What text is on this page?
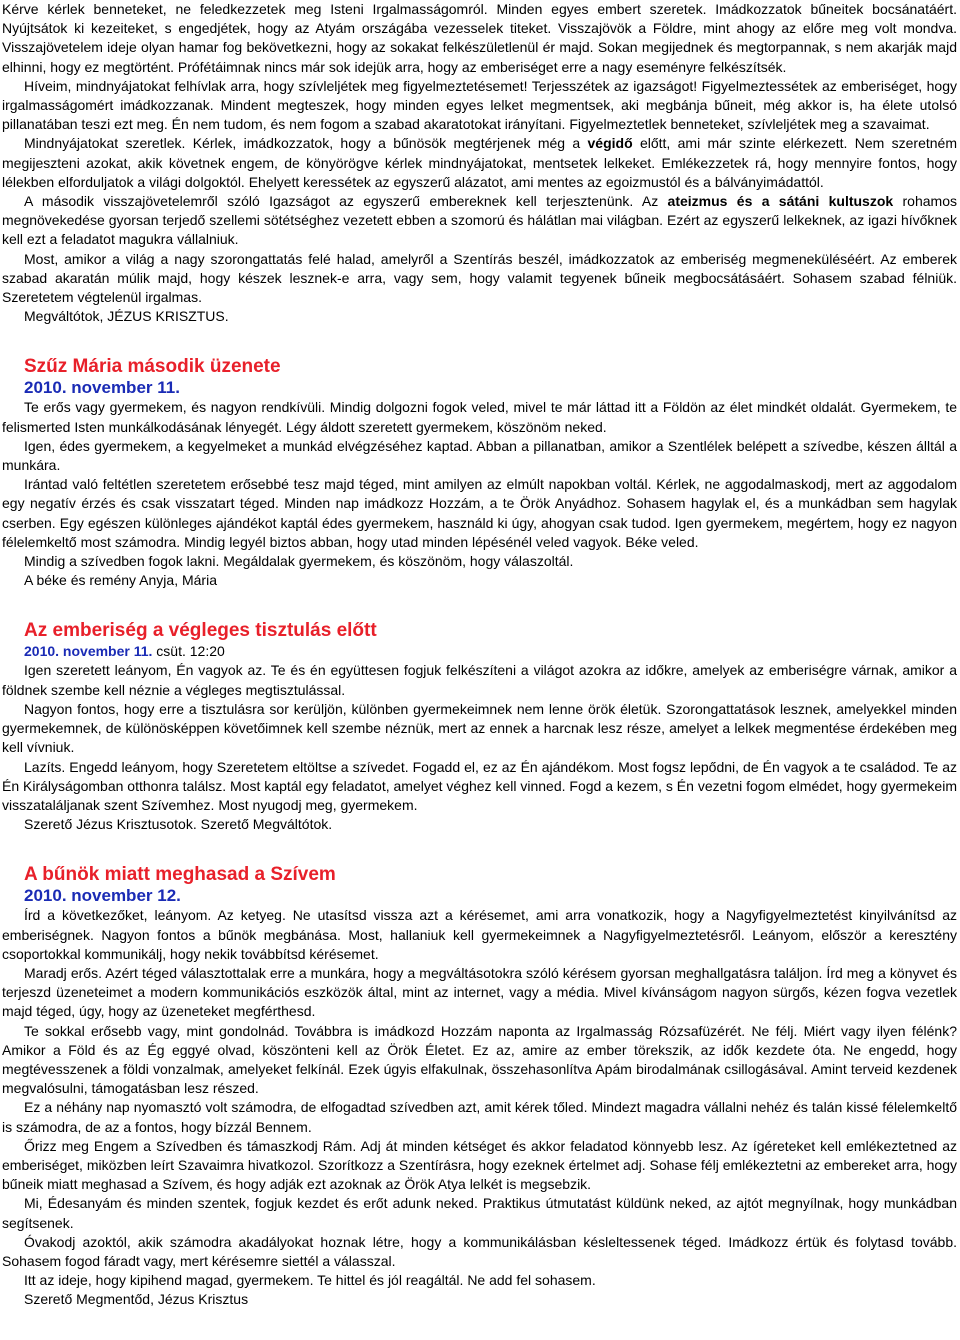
Kérve kérlek benneteket, ne feledkezzetek meg Isteni Irgalmasságomról. Minden egyes embert szeretek. Imádkozzatok bűneitek bocsánatáért. Nyújtsátok ki kezeiteket, s engedjétek, hogy az Atyám országába vezesselek titeket. Visszajövök a Földre, mint ahogy az előre meg volt mondva. Visszajövetelem ideje olyan hamar fog bekövetkezni, hogy az sokakat felkészületlenül ér majd. Sokan megijednek és megtorpannak, s nem akarják majd elhinni, hogy ez megtörtént. Prófétáimnak nincs már sok idejük arra, hogy az emberiséget erre a nagy eseményre felkészítsék.

Híveim, mindnyájatokat felhívlak arra, hogy szívleljétek meg figyelmeztetésemet! Terjesszétek az igazságot! Figyelmeztessétek az emberiséget, hogy irgalmasságomért imádkozzanak. Mindent megteszek, hogy minden egyes lelket megmentsek, aki megbánja bűneit, még akkor is, ha élete utolsó pillanatában teszi ezt meg. Én nem tudom, és nem fogom a szabad akaratotokat irányítani. Figyelmeztetlek benneteket, szívleljétek meg a szavaimat.

Mindnyájatokat szeretlek. Kérlek, imádkozzatok, hogy a bűnösök megtérjenek még a végidő előtt, ami már szinte elérkezett. Nem szeretném megijeszteni azokat, akik követnek engem, de könyörögve kérlek mindnyájatokat, mentsetek lelkeket. Emlékezzetek rá, hogy mennyire fontos, hogy lélekben elforduljatok a világi dolgoktól. Ehelyett keressétek az egyszerű alázatot, ami mentes az egoizmustól és a bálványimádattól.

A második visszajövetelemről szóló Igazságot az egyszerű embereknek kell terjesztenünk. Az ateizmus és a sátáni kultuszok rohamos megnövekedése gyorsan terjedő szellemi sötétséghez vezetett ebben a szomorú és hálátlan mai világban. Ezért az egyszerű lelkeknek, az igazi hívőknek kell ezt a feladatot magukra vállalniuk.

Most, amikor a világ a nagy szorongattatás felé halad, amelyről a Szentírás beszél, imádkozzatok az emberiség megmeneküléséért. Az emberek szabad akaratán múlik majd, hogy készek lesznek-e arra, vagy sem, hogy valamit tegyenek bűneik megbocsátásáért. Sohasem szabad félniük. Szeretetem végtelenül irgalmas.

Megváltótok, JÉZUS KRISZTUS.

Szűz Mária második üzenete
2010. november 11.

Te erős vagy gyermekem, és nagyon rendkívüli. Mindig dolgozni fogok veled, mivel te már láttad itt a Földön az élet mindkét oldalát. Gyermekem, te felismerted Isten munkálkodásának lényegét. Légy áldott szeretett gyermekem, köszönöm neked.

Igen, édes gyermekem, a kegyelmeket a munkád elvégzéséhez kaptad. Abban a pillanatban, amikor a Szentlélek belépett a szívedbe, készen álltál a munkára.

Irántad való feltétlen szeretetem erősebbé tesz majd téged, mint amilyen az elmúlt napokban voltál. Kérlek, ne aggodalmaskodj, mert az aggodalom egy negatív érzés és csak visszatart téged. Minden nap imádkozz Hozzám, a te Örök Anyádhoz. Sohasem hagylak el, és a munkádban sem hagylak cserben. Egy egészen különleges ajándékot kaptál édes gyermekem, használd ki úgy, ahogyan csak tudod. Igen gyermekem, megértem, hogy ez nagyon félelemkeltő most számodra. Mindig legyél biztos abban, hogy utad minden lépésénél veled vagyok. Béke veled.

Mindig a szívedben fogok lakni. Megáldalak gyermekem, és köszönöm, hogy válaszoltál.

A béke és remény Anyja, Mária

Az emberiség a végleges tisztulás előtt
2010. november 11. csüt. 12:20

Igen szeretett leányom, Én vagyok az. Te és én együttesen fogjuk felkészíteni a világot azokra az időkre, amelyek az emberiségre várnak, amikor a földnek szembe kell néznie a végleges megtisztulással.

Nagyon fontos, hogy erre a tisztulásra sor kerüljön, különben gyermekeimnek nem lenne örök életük. Szorongattatások lesznek, amelyekkel minden gyermekemnek, de különösképpen követőimnek kell szembe néznük, mert az ennek a harcnak lesz része, amelyet a lelkek megmentése érdekében meg kell vívniuk.

Lazíts. Engedd leányom, hogy Szeretetem eltöltse a szívedet. Fogadd el, ez az Én ajándékom. Most fogsz lepődni, de Én vagyok a te családod. Te az Én Királyságomban otthonra találsz. Most kaptál egy feladatot, amelyet véghez kell vinned. Fogd a kezem, s Én vezetni fogom elmédet, hogy gyermekeim visszataláljanak szent Szívemhez. Most nyugodj meg, gyermekem.

Szerető Jézus Krisztusotok. Szerető Megváltótok.

A bűnök miatt meghasad a Szívem
2010. november 12.

Írd a következőket, leányom. Az ketyeg. Ne utasítsd vissza azt a kérésemet, ami arra vonatkozik, hogy a Nagyfigyelmeztetést kinyilvánítsd az emberiségnek. Nagyon fontos a bűnök megbánása. Most, hallaniuk kell gyermekeimnek a Nagyfigyelmeztetésről. Leányom, először a keresztény csoportokkal kommunikálj, hogy nekik továbbítsd kérésemet.

Maradj erős. Azért téged választottalak erre a munkára, hogy a megváltásotokra szóló kérésem gyorsan meghallgatásra találjon. Írd meg a könyvet és terjeszd üzeneteimet a modern kommunikációs eszközök által, mint az internet, vagy a média. Mivel kívánságom nagyon sürgős, kézen fogva vezetlek majd téged, úgy, hogy az üzeneteket megférthesd.

Te sokkal erősebb vagy, mint gondolnád. Továbbra is imádkozd Hozzám naponta az Irgalmasság Rózsafüzérét. Ne félj. Miért vagy ilyen félénk? Amikor a Föld és az Ég eggyé olvad, köszönteni kell az Örök Életet. Ez az, amire az ember törekszik, az idők kezdete óta. Ne engedd, hogy megtévesszenek a földi vonzalmak, amelyeket felkínál. Ezek úgyis elfakulnak, összehasonlítva Apám birodalmának csillogásával. Amint terveid kezdenek megvalósulni, támogatásban lesz részed.

Ez a néhány nap nyomasztó volt számodra, de elfogadtad szívedben azt, amit kérek tőled. Mindezt magadra vállalni nehéz és talán kissé félelemkeltő is számodra, de az a fontos, hogy bízzál Bennem.

Őrizz meg Engem a Szívedben és támaszkodj Rám. Adj át minden kétséget és akkor feladatod könnyebb lesz. Az ígéreteket kell emlékeztetned az emberiséget, miközben leírt Szavaimra hivatkozol. Szorítkozz a Szentírásra, hogy ezeknek értelmet adj. Sohase félj emlékeztetni az embereket arra, hogy bűneik miatt meghasad a Szívem, és hogy adják ezt azoknak az Örök Atya lelkét is megsebzik.

Mi, Édesanyám és minden szentek, fogjuk kezdet és erőt adunk neked. Praktikus útmutatást küldünk neked, az ajtót megnyílnak, hogy munkádban segítsenek.

Óvakodj azoktól, akik számodra akadályokat hoznak létre, hogy a kommunikálásban késleltessenek téged. Imádkozz értük és folytasd tovább. Sohasem fogod fáradt vagy, mert kérésemre siettél a válasszal.

Itt az ideje, hogy kipihend magad, gyermekem. Te hittel és jól reagáltál. Ne add fel sohasem.

Szerető Megmentőd, Jézus Krisztus
